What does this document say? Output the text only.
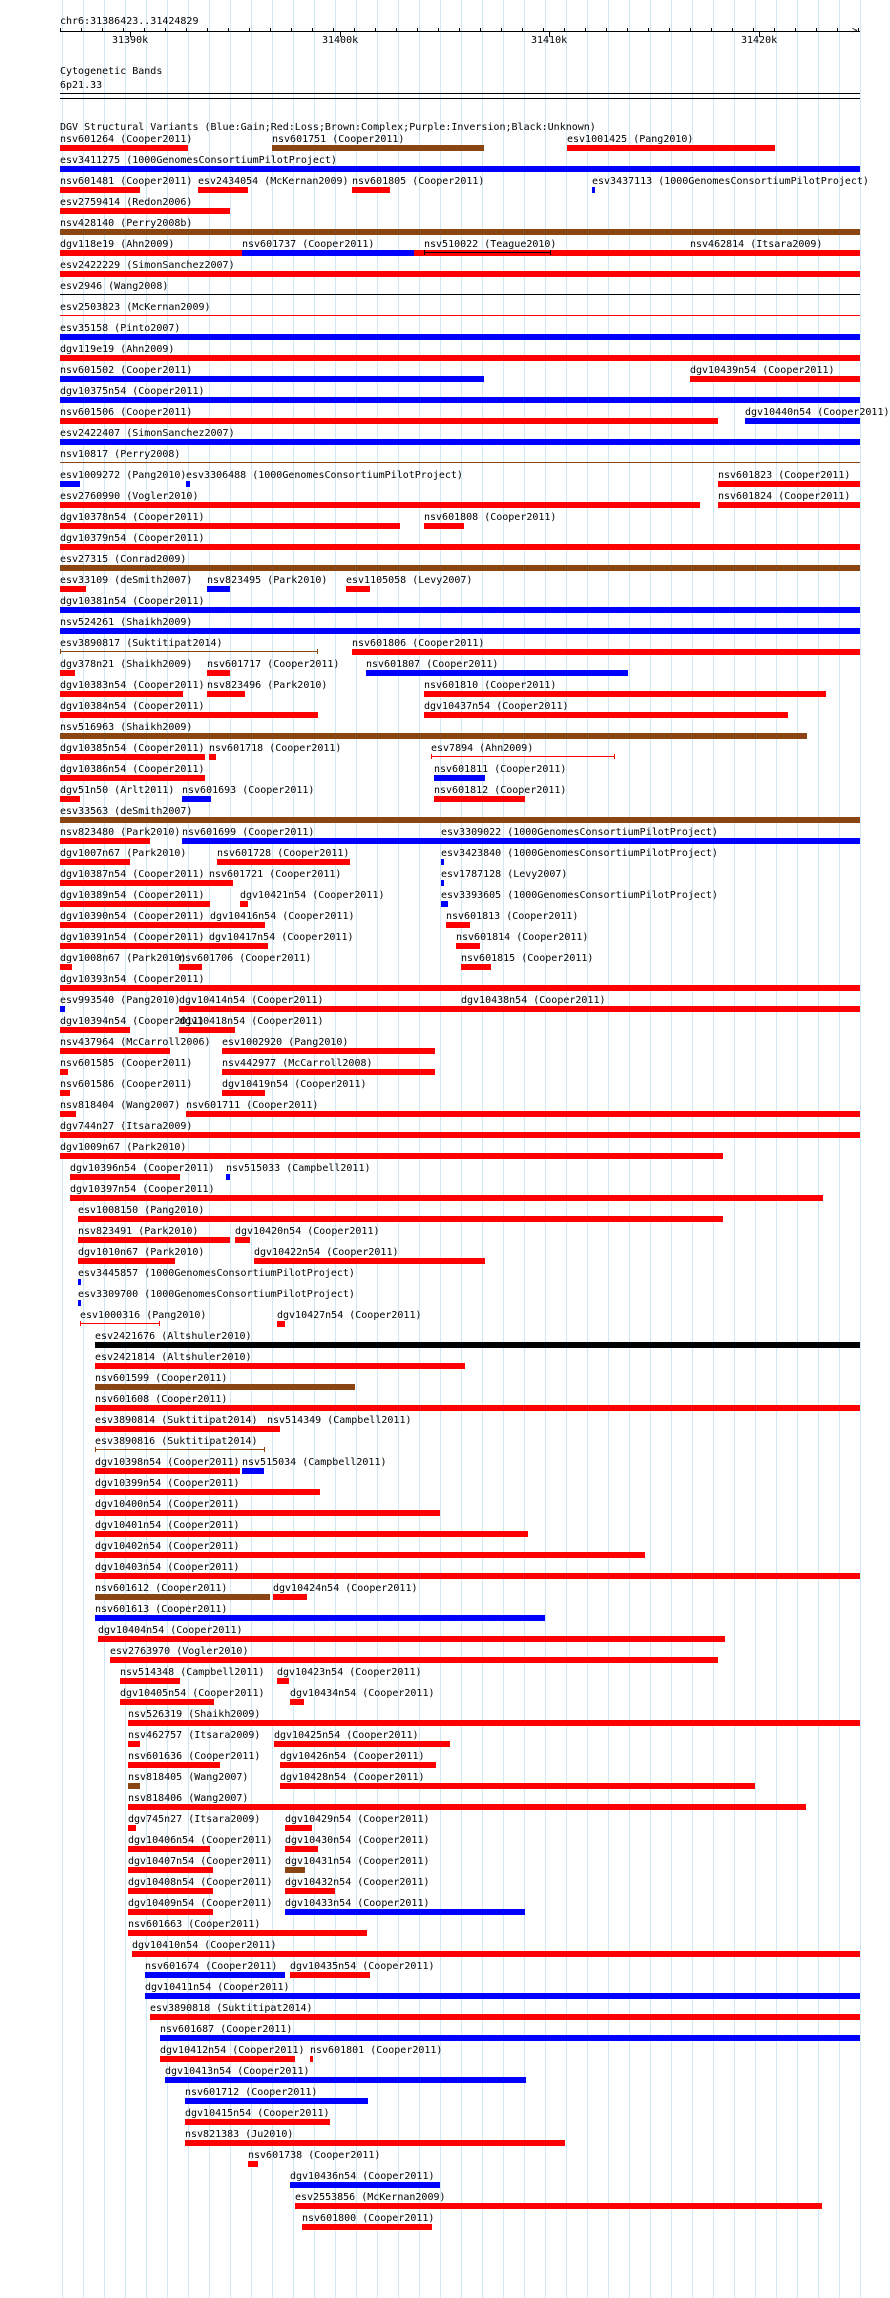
chr6:31386423..31424829
>
31390k	31400k	31410k	31420k
Cytogenetic Bands
6p21.33
DGV Structural Variants (Blue:Gain;Red:Loss;Brown:Complex;Purple:Inversion;Black:Unknown)
nsv601264 (Cooper2011)	nsv601751 (Cooper2011)	esv1001425 (Pang2010)
esv3411275 (1000GenomesConsortiumPilotProject)
nsv601481 (Cooper2011) esv2434054 (McKernan2009) nsv601805 (Cooper2011)	esv3437113 (1000GenomesConsortiumPilotProject)
esv2759414 (Redon2006)
nsv428140 (Perry2008b)
dgv118e19 (Ahn2009)	nsv601737 (Cooper2011)	nsv510022 (Teague2010)	nsv462814 (Itsara2009)
esv2422229 (SimonSanchez2007)
esv2946 (Wang2008)
esv2503823 (McKernan2009)
esv35158 (Pinto2007)
dgv119e19 (Ahn2009)
nsv601502 (Cooper2011)	dgv10439n54 (Cooper2011)
dgv10375n54 (Cooper2011)
nsv601506 (Cooper2011)	dgv10440n54 (Cooper2011)
esv2422407 (SimonSanchez2007)
nsv10817 (Perry2008)
esv1009272 (Pang2010) esv3306488 (1000GenomesConsortiumPilotProject)	nsv601823 (Cooper2011)
esv2760990 (Vogler2010)	nsv601824 (Cooper2011)
dgv10378n54 (Cooper2011)	nsv601808 (Cooper2011)
dgv10379n54 (Cooper2011)
esv27315 (Conrad2009)
esv33109 (deSmith2007) nsv823495 (Park2010) esv1105058 (Levy2007)
dgv10381n54 (Cooper2011)
nsv524261 (Shaikh2009)
esv3890817 (Suktitipat2014)	nsv601806 (Cooper2011)
dgv378n21 (Shaikh2009) nsv601717 (Cooper2011)	nsv601807 (Cooper2011)
dgv10383n54 (Cooper2011) nsv823496 (Park2010)	nsv601810 (Cooper2011)
dgv10384n54 (Cooper2011)	dgv10437n54 (Cooper2011)
nsv516963 (Shaikh2009)
dgv10385n54 (Cooper2011) nsv601718 (Cooper2011)	esv7894 (Ahn2009)
dgv10386n54 (Cooper2011)	nsv601811 (Cooper2011)
dgv51n50 (Arlt2011) nsv601693 (Cooper2011)	nsv601812 (Cooper2011)
esv33563 (deSmith2007)
nsv823480 (Park2010) nsv601699 (Cooper2011)	esv3309022 (1000GenomesConsortiumPilotProject)
dgv1007n67 (Park2010)	nsv601728 (Cooper2011)	esv3423840 (1000GenomesConsortiumPilotProject)
dgv10387n54 (Cooper2011) nsv601721 (Cooper2011)	esv1787128 (Levy2007)
dgv10389n54 (Cooper2011)	dgv10421n54 (Cooper2011)	esv3393605 (1000GenomesConsortiumPilotProject)
dgv10390n54 (Cooper2011) dgv10416n54 (Cooper2011)	nsv601813 (Cooper2011)
dgv10391n54 (Cooper2011) dgv10417n54 (Cooper2011)	nsv601814 (Cooper2011)
dgv1008n67 (Park2010)
nsv601706 (Cooper2011)	nsv601815 (Cooper2011)
dgv10393n54 (Cooper2011)
esv993540 (Pang2010)
dgv10414n54 (Cooper2011)	dgv10438n54 (Cooper2011)
dgv10394n54 (Cooper2011)
dgv10418n54 (Cooper2011)
nsv437964 (McCarroll2006) esv1002920 (Pang2010)
nsv601585 (Cooper2011)	nsv442977 (McCarroll2008)
nsv601586 (Cooper2011)	dgv10419n54 (Cooper2011)
nsv818404 (Wang2007) nsv601711 (Cooper2011)
dgv744n27 (Itsara2009)
dgv1009n67 (Park2010)
dgv10396n54 (Cooper2011) nsv515033 (Campbell2011)
dgv10397n54 (Cooper2011)
esv1008150 (Pang2010)
nsv823491 (Park2010)	dgv10420n54 (Cooper2011)
dgv1010n67 (Park2010)	dgv10422n54 (Cooper2011)
esv3445857 (1000GenomesConsortiumPilotProject)
esv3309700 (1000GenomesConsortiumPilotProject)
esv1000316 (Pang2010)	dgv10427n54 (Cooper2011)
esv2421676 (Altshuler2010)
esv2421814 (Altshuler2010)
nsv601599 (Cooper2011)
nsv601608 (Cooper2011)
esv3890814 (Suktitipat2014) nsv514349 (Campbell2011)
esv3890816 (Suktitipat2014)
dgv10398n54 (Cooper2011) nsv515034 (Campbell2011)
dgv10399n54 (Cooper2011)
dgv10400n54 (Cooper2011)
dgv10401n54 (Cooper2011)
dgv10402n54 (Cooper2011)
dgv10403n54 (Cooper2011)
nsv601612 (Cooper2011)	dgv10424n54 (Cooper2011)
nsv601613 (Cooper2011)
dgv10404n54 (Cooper2011)
esv2763970 (Vogler2010)
nsv514348 (Campbell2011) dgv10423n54 (Cooper2011)
dgv10405n54 (Cooper2011)	dgv10434n54 (Cooper2011)
nsv526319 (Shaikh2009)
nsv462757 (Itsara2009) dgv10425n54 (Cooper2011)
nsv601636 (Cooper2011) dgv10426n54 (Cooper2011)
nsv818405 (Wang2007)	dgv10428n54 (Cooper2011)
nsv818406 (Wang2007)
dgv745n27 (Itsara2009) dgv10429n54 (Cooper2011)
dgv10406n54 (Cooper2011) dgv10430n54 (Cooper2011)
dgv10407n54 (Cooper2011) dgv10431n54 (Cooper2011)
dgv10408n54 (Cooper2011) dgv10432n54 (Cooper2011)
dgv10409n54 (Cooper2011) dgv10433n54 (Cooper2011)
nsv601663 (Cooper2011)
dgv10410n54 (Cooper2011)
nsv601674 (Cooper2011) dgv10435n54 (Cooper2011)
dgv10411n54 (Cooper2011)
esv3890818 (Suktitipat2014)
nsv601687 (Cooper2011)
dgv10412n54 (Cooper2011) nsv601801 (Cooper2011)
dgv10413n54 (Cooper2011)
nsv601712 (Cooper2011)
dgv10415n54 (Cooper2011)
nsv821383 (Ju2010)
nsv601738 (Cooper2011)
dgv10436n54 (Cooper2011)
esv2553856 (McKernan2009)
nsv601800 (Cooper2011)
